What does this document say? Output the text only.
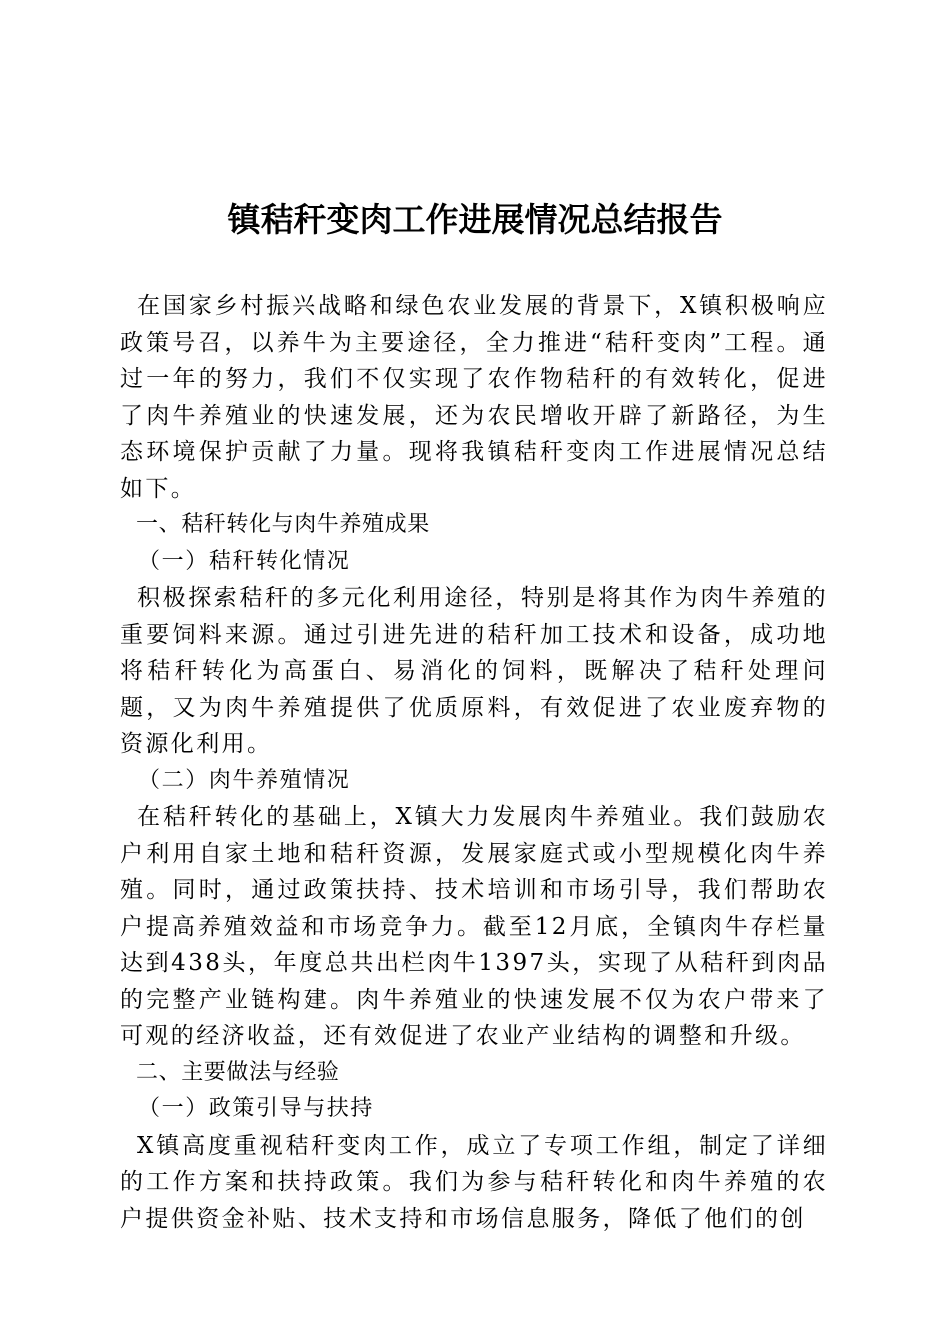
镇秸秆变肉工作进展情况总结报告

在国家乡村振兴战略和绿色农业发展的背景下，X镇积极响应政策号召，以养牛为主要途径，全力推进“秸秆变肉”工程。通过一年的努力，我们不仅实现了农作物秸秆的有效转化，促进了肉牛养殖业的快速发展，还为农民增收开辟了新路径，为生态环境保护贡献了力量。现将我镇秸秆变肉工作进展情况总结如下。

一、秸秆转化与肉牛养殖成果

（一）秸秆转化情况

积极探索秸秆的多元化利用途径，特别是将其作为肉牛养殖的重要饲料来源。通过引进先进的秸秆加工技术和设备，成功地将秸秆转化为高蛋白、易消化的饲料，既解决了秸秆处理问题，又为肉牛养殖提供了优质原料，有效促进了农业废弃物的资源化利用。

（二）肉牛养殖情况

在秸秆转化的基础上，X镇大力发展肉牛养殖业。我们鼓励农户利用自家土地和秸秆资源，发展家庭式或小型规模化肉牛养殖。同时，通过政策扶持、技术培训和市场引导，我们帮助农户提高养殖效益和市场竞争力。截至12月底，全镇肉牛存栏量达到438头，年度总共出栏肉牛1397头，实现了从秸秆到肉品的完整产业链构建。肉牛养殖业的快速发展不仅为农户带来了可观的经济收益，还有效促进了农业产业结构的调整和升级。

二、主要做法与经验

（一）政策引导与扶持

X镇高度重视秸秆变肉工作，成立了专项工作组，制定了详细的工作方案和扶持政策。我们为参与秸秆转化和肉牛养殖的农户提供资金补贴、技术支持和市场信息服务，降低了他们的创
